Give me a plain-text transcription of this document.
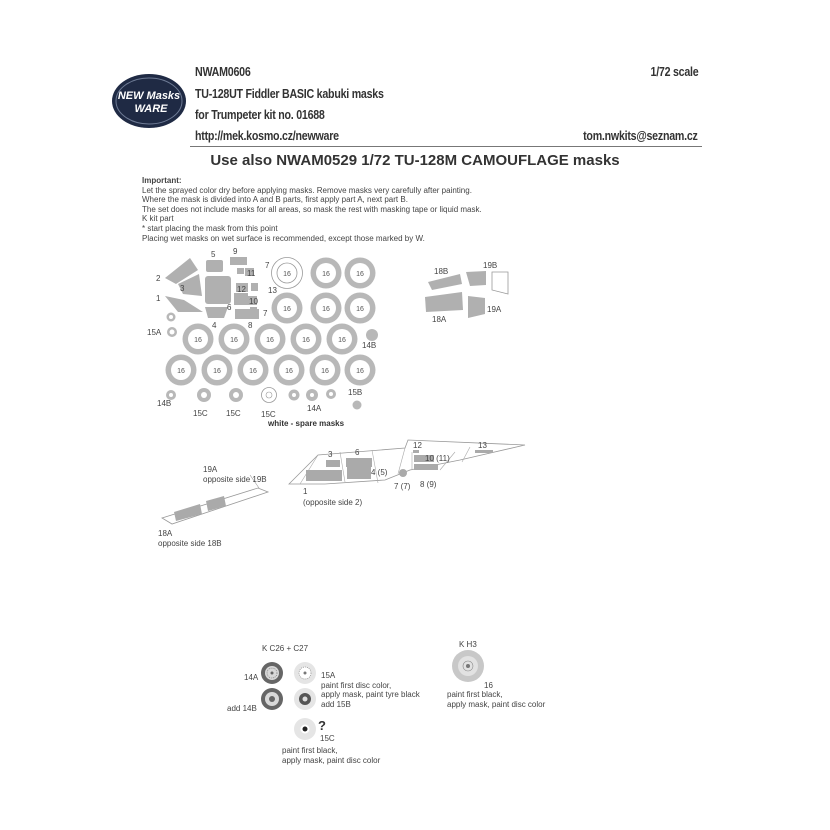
NEW Masks
WARE
NWAM0606
TU-128UT Fiddler BASIC kabuki masks
for Trumpeter kit no. 01688
http://mek.kosmo.cz/newware
1/72 scale
tom.nwkits@seznam.cz
Use also NWAM0529 1/72 TU-128M CAMOUFLAGE masks
Important:
Let the sprayed color dry before applying masks. Remove masks very carefully after painting.
Where the mask is divided into A and B parts, first apply part A, next part B.
The set does not include masks for all areas, so mask the rest with masking tape or liquid mask.
K kit part
* start placing the mask from this point
Placing wet masks on wet surface is recommended, except those marked by W.
16	16	16
16	16	16
16	16	16	16	16
16	16	16	16	16	16
1
2
3
4
5
6
7
7
8
9
10
11
12	13
14A
14B
14B
15A
15B
15C 15C	15C
white - spare masks
18B
19B
18A
19A
3	6
4 (5)
7 (7) 8 (9)
10 (11)
12	13
1
(opposite side 2)
19A
opposite side 19B
18A
opposite side 18B
K C26 + C27
14A
add 14B
15A
paint first disc color,
apply mask, paint tyre black
add 15B
15C
paint first black,
apply mask, paint disc color
?
K H3
16
paint first black,
apply mask, paint disc color
